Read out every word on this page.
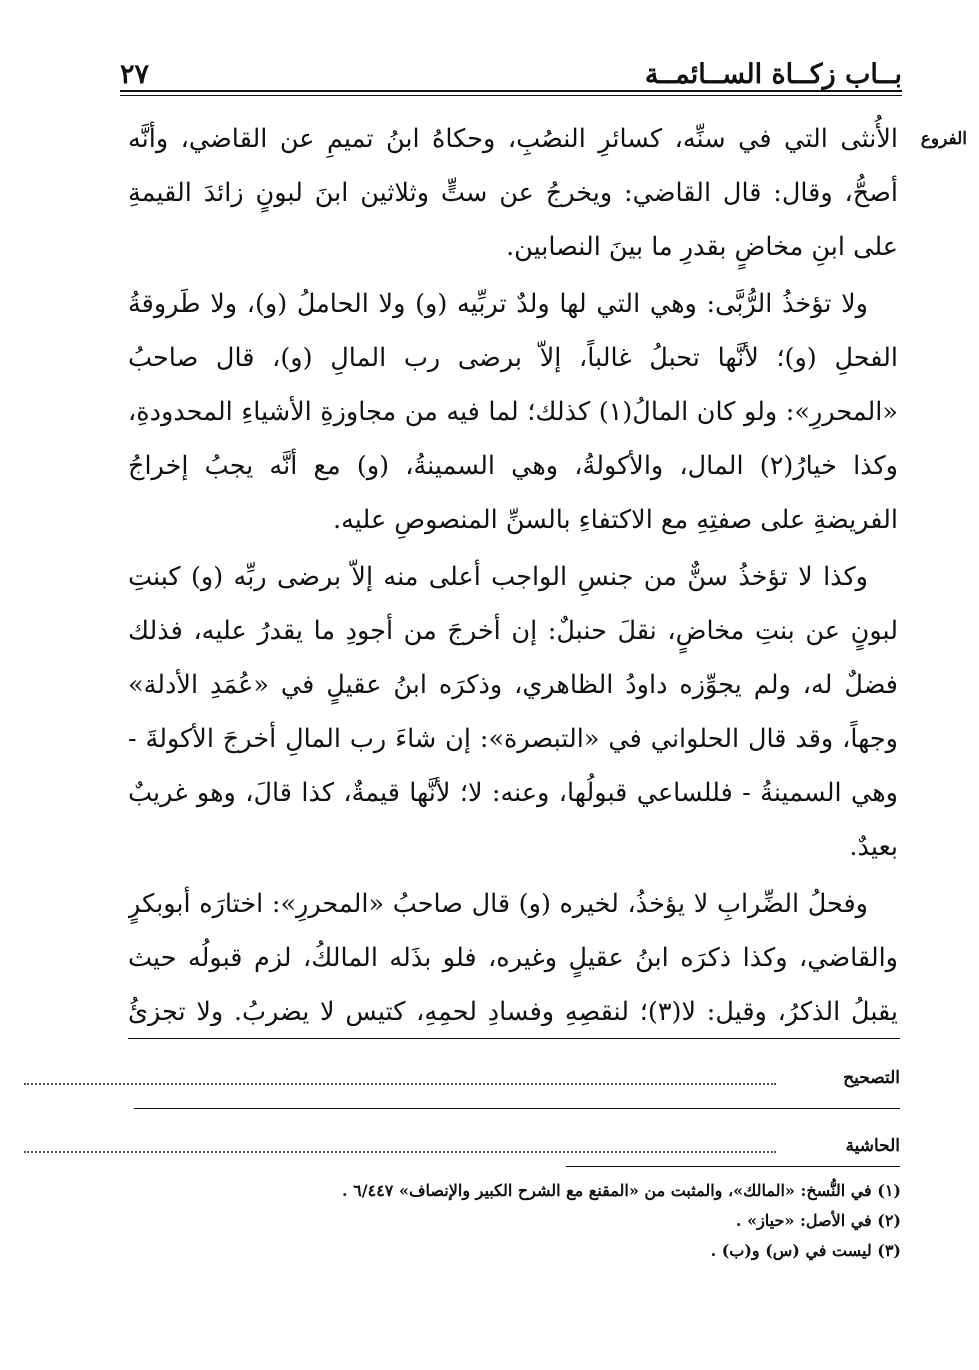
بــاب زكــاة الســائمــة
٢٧
الفروع

الأُنثى التي في سنِّه، كسائرِ النصُبِ، وحكاهُ ابنُ تميمِ عن القاضي، وأنَّه أصحُّ، وقال: قال القاضي: ويخرجُ عن ستٍّ وثلاثين ابنَ لبونٍ زائدَ القيمةِ على ابنِ مخاضٍ بقدرِ ما بينَ النصابين.

ولا تؤخذُ الرُّبَّى: وهي التي لها ولدٌ تربِّيه (و) ولا الحاملُ (و)، ولا طَروقةُ الفحلِ (و)؛ لأنَّها تحبلُ غالباً، إلاّ برضى رب المالِ (و)، قال صاحبُ «المحررِ»: ولو كان المالُ(١) كذلك؛ لما فيه من مجاوزةِ الأشياءِ المحدودةِ، وكذا خيارُ(٢) المال، والأكولةُ، وهي السمينةُ، (و) مع أنَّه يجبُ إخراجُ الفريضةِ على صفتِهِ مع الاكتفاءِ بالسنِّ المنصوصِ عليه.

وكذا لا تؤخذُ سنٌّ من جنسِ الواجب أعلى منه إلاّ برضى ربِّه (و) كبنتِ لبونٍ عن بنتِ مخاضٍ، نقلَ حنبلٌ: إن أخرجَ من أجودِ ما يقدرُ عليه، فذلك فضلٌ له، ولم يجوِّزه داودُ الظاهري، وذكرَه ابنُ عقيلٍ في «عُمَدِ الأدلة» وجهاً، وقد قال الحلواني في «التبصرة»: إن شاءَ رب المالِ أخرجَ الأكولةَ - وهي السمينةُ - فللساعي قبولُها، وعنه: لا؛ لأنَّها قيمةٌ، كذا قالَ، وهو غريبٌ بعيدٌ.

وفحلُ الضِّرابِ لا يؤخذُ، لخيره (و) قال صاحبُ «المحررِ»: اختارَه أبوبكرٍ والقاضي، وكذا ذكرَه ابنُ عقيلٍ وغيره، فلو بذَله المالكُ، لزم قبولُه حيث يقبلُ الذكرُ، وقيل: لا(٣)؛ لنقصِهِ وفسادِ لحمِهِ، كتيسٍ لا يضربُ. ولا تجزئُ

التصحيح
الحاشية
(١) في النُّسخ: «المالك»، والمثبت من «المقنع مع الشرح الكبير والإنصاف» ٦/٤٤٧ .
(٢) في الأصل: «حياز» .
(٣) ليست في (س) و(ب) .
